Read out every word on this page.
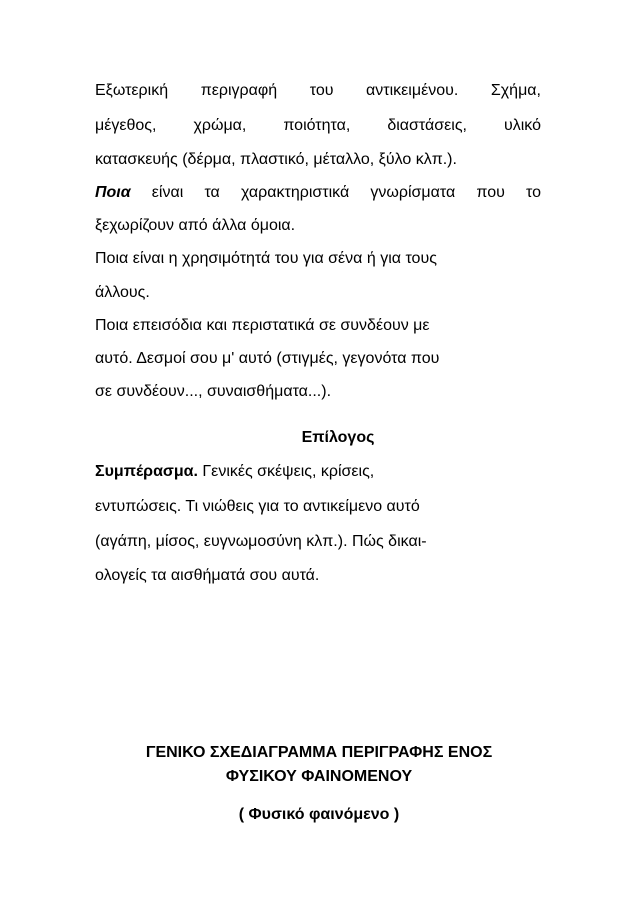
Εξωτερική περιγραφή του αντικειμένου. Σχήμα,
μέγεθος, χρώμα, ποιότητα, διαστάσεις, υλικό
κατασκευής (δέρμα, πλαστικό, μέταλλο, ξύλο κλπ.).
Ποια είναι τα χαρακτηριστικά γνωρίσματα που το
ξεχωρίζουν από άλλα όμοια.
Ποια είναι η χρησιμότητά του για σένα ή για τους
άλλους.
Ποια επεισόδια και περιστατικά σε συνδέουν με
αυτό. Δεσμοί σου μ' αυτό (στιγμές, γεγονότα που
σε συνδέουν..., συναισθήματα...).
Επίλογος
Συμπέρασμα. Γενικές σκέψεις, κρίσεις,
εντυπώσεις. Τι νιώθεις για το αντικείμενο αυτό
(αγάπη, μίσος, ευγνωμοσύνη κλπ.). Πώς δικαι-
ολογείς τα αισθήματά σου αυτά.
ΓΕΝΙΚΟ ΣΧΕΔΙΑΓΡΑΜΜΑ ΠΕΡΙΓΡΑΦΗΣ ΕΝΟΣ
ΦΥΣΙΚΟΥ ΦΑΙΝΟΜΕΝΟΥ
( Φυσικό φαινόμενο )
